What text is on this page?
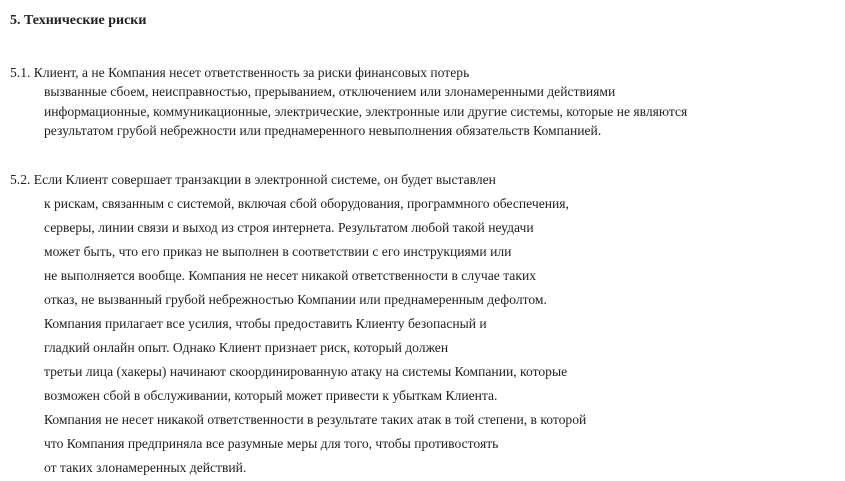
5. Технические риски
5.1. Клиент, а не Компания несет ответственность за риски финансовых потерь
вызванные сбоем, неисправностью, прерыванием, отключением или злонамеренными действиями
информационные, коммуникационные, электрические, электронные или другие системы, которые не являются
результатом грубой небрежности или преднамеренного невыполнения обязательств Компанией.
5.2. Если Клиент совершает транзакции в электронной системе, он будет выставлен
к рискам, связанным с системой, включая сбой оборудования, программного обеспечения,
серверы, линии связи и выход из строя интернета. Результатом любой такой неудачи
может быть, что его приказ не выполнен в соответствии с его инструкциями или
не выполняется вообще. Компания не несет никакой ответственности в случае таких
отказ, не вызванный грубой небрежностью Компании или преднамеренным дефолтом.
Компания прилагает все усилия, чтобы предоставить Клиенту безопасный и
гладкий онлайн опыт. Однако Клиент признает риск, который должен
третьи лица (хакеры) начинают скоординированную атаку на системы Компании, которые
возможен сбой в обслуживании, который может привести к убыткам Клиента.
Компания не несет никакой ответственности в результате таких атак в той степени, в которой
что Компания предприняла все разумные меры для того, чтобы противостоять
от таких злонамеренных действий.
